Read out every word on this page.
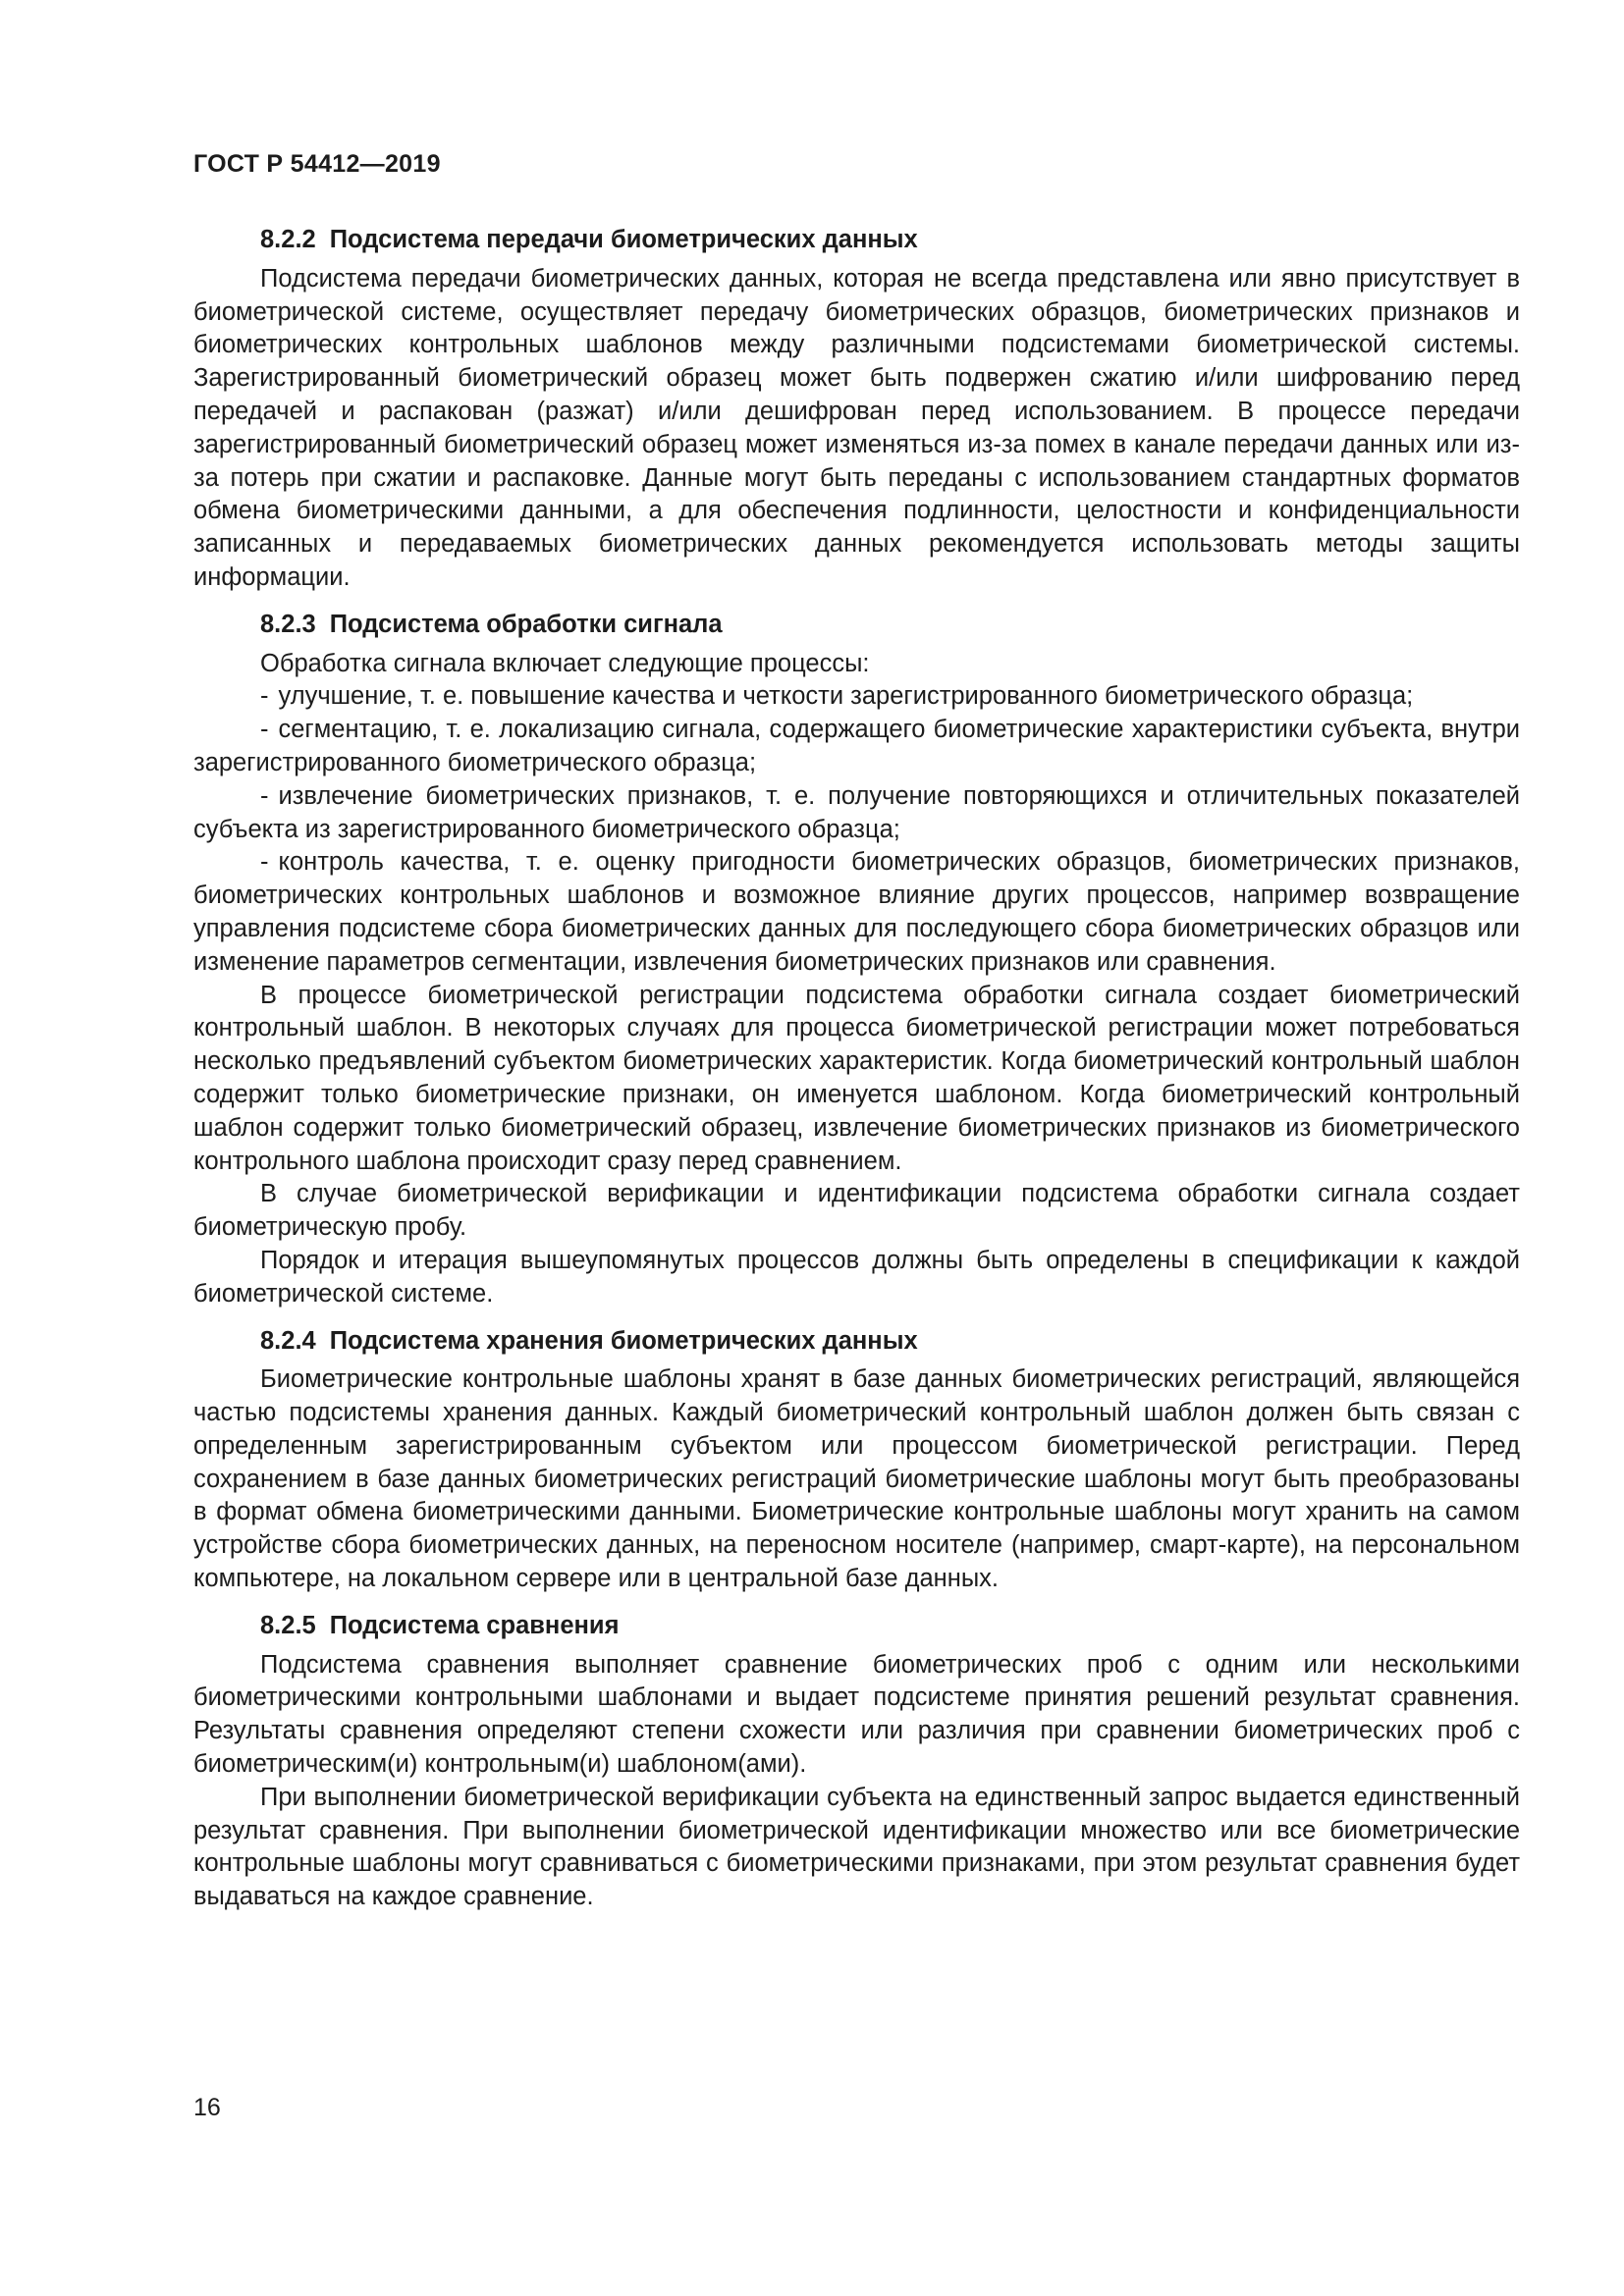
ГОСТ Р 54412—2019
8.2.2 Подсистема передачи биометрических данных

Подсистема передачи биометрических данных, которая не всегда представлена или явно присутствует в биометрической системе, осуществляет передачу биометрических образцов, биометрических признаков и биометрических контрольных шаблонов между различными подсистемами биометрической системы. Зарегистрированный биометрический образец может быть подвержен сжатию и/или шифрованию перед передачей и распакован (разжат) и/или дешифрован перед использованием. В процессе передачи зарегистрированный биометрический образец может изменяться из-за помех в канале передачи данных или из-за потерь при сжатии и распаковке. Данные могут быть переданы с использованием стандартных форматов обмена биометрическими данными, а для обеспечения подлинности, целостности и конфиденциальности записанных и передаваемых биометрических данных рекомендуется использовать методы защиты информации.

8.2.3 Подсистема обработки сигнала

Обработка сигнала включает следующие процессы:

- улучшение, т. е. повышение качества и четкости зарегистрированного биометрического образца;

- сегментацию, т. е. локализацию сигнала, содержащего биометрические характеристики субъекта, внутри зарегистрированного биометрического образца;

- извлечение биометрических признаков, т. е. получение повторяющихся и отличительных показателей субъекта из зарегистрированного биометрического образца;

- контроль качества, т. е. оценку пригодности биометрических образцов, биометрических признаков, биометрических контрольных шаблонов и возможное влияние других процессов, например возвращение управления подсистеме сбора биометрических данных для последующего сбора биометрических образцов или изменение параметров сегментации, извлечения биометрических признаков или сравнения.

В процессе биометрической регистрации подсистема обработки сигнала создает биометрический контрольный шаблон. В некоторых случаях для процесса биометрической регистрации может потребоваться несколько предъявлений субъектом биометрических характеристик. Когда биометрический контрольный шаблон содержит только биометрические признаки, он именуется шаблоном. Когда биометрический контрольный шаблон содержит только биометрический образец, извлечение биометрических признаков из биометрического контрольного шаблона происходит сразу перед сравнением.

В случае биометрической верификации и идентификации подсистема обработки сигнала создает биометрическую пробу.

Порядок и итерация вышеупомянутых процессов должны быть определены в спецификации к каждой биометрической системе.

8.2.4 Подсистема хранения биометрических данных

Биометрические контрольные шаблоны хранят в базе данных биометрических регистраций, являющейся частью подсистемы хранения данных. Каждый биометрический контрольный шаблон должен быть связан с определенным зарегистрированным субъектом или процессом биометрической регистрации. Перед сохранением в базе данных биометрических регистраций биометрические шаблоны могут быть преобразованы в формат обмена биометрическими данными. Биометрические контрольные шаблоны могут хранить на самом устройстве сбора биометрических данных, на переносном носителе (например, смарт-карте), на персональном компьютере, на локальном сервере или в центральной базе данных.

8.2.5 Подсистема сравнения

Подсистема сравнения выполняет сравнение биометрических проб с одним или несколькими биометрическими контрольными шаблонами и выдает подсистеме принятия решений результат сравнения. Результаты сравнения определяют степени схожести или различия при сравнении биометрических проб с биометрическим(и) контрольным(и) шаблоном(ами).

При выполнении биометрической верификации субъекта на единственный запрос выдается единственный результат сравнения. При выполнении биометрической идентификации множество или все биометрические контрольные шаблоны могут сравниваться с биометрическими признаками, при этом результат сравнения будет выдаваться на каждое сравнение.

16
